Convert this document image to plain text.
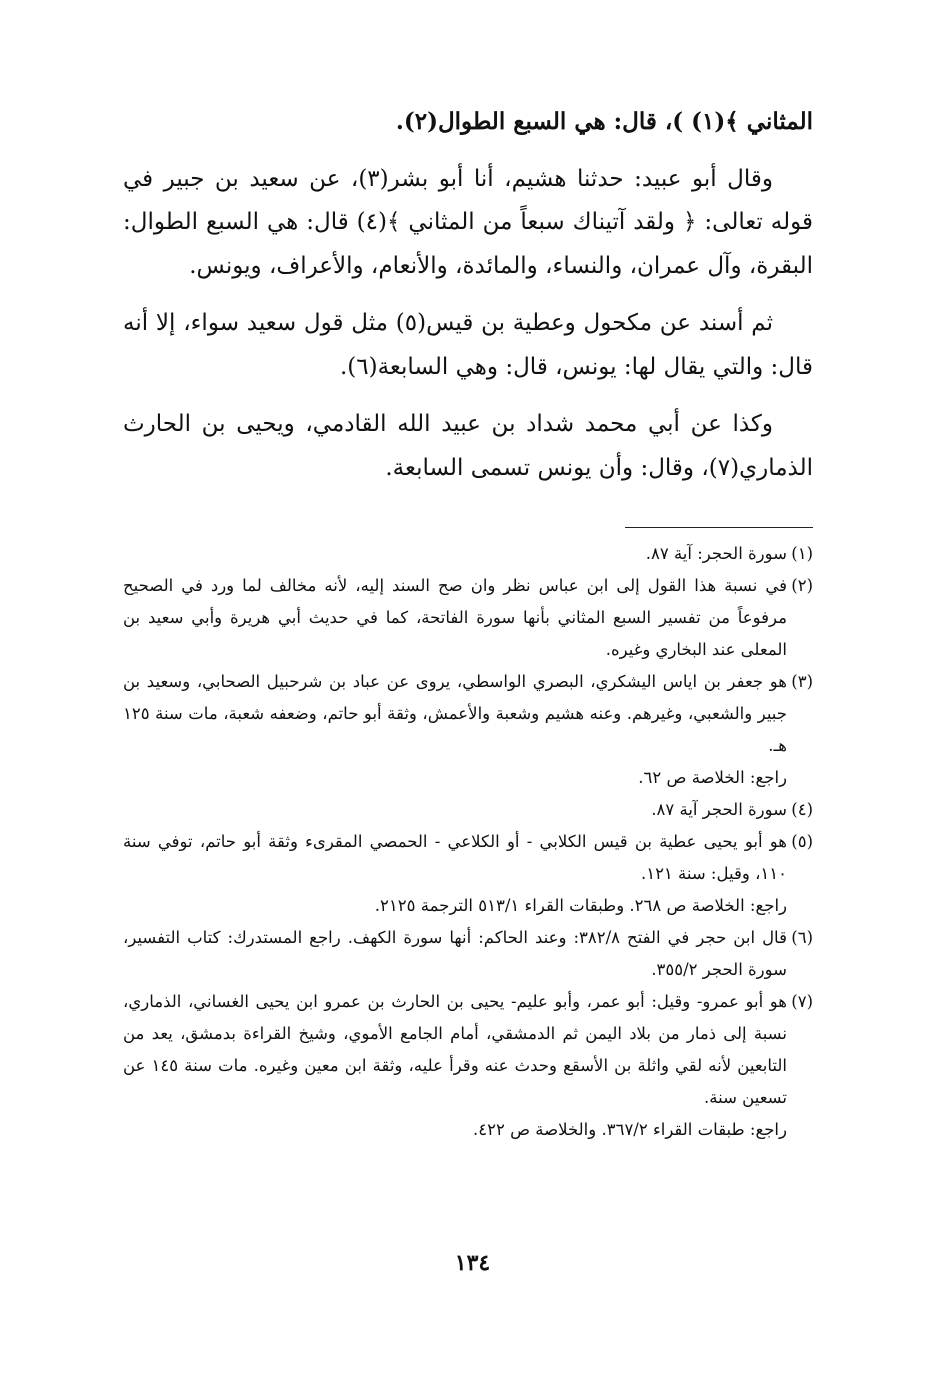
المثاني ﴾(١) )، قال: هي السبع الطوال(٢).

وقال أبو عبيد: حدثنا هشيم، أنا أبو بشر(٣)، عن سعيد بن جبير في قوله تعالى: ﴿ ولقد آتيناك سبعاً من المثاني ﴾(٤) قال: هي السبع الطوال: البقرة، وآل عمران، والنساء، والمائدة، والأنعام، والأعراف، ويونس.

ثم أسند عن مكحول وعطية بن قيس(٥) مثل قول سعيد سواء، إلا أنه قال: والتي يقال لها: يونس، قال: وهي السابعة(٦).

وكذا عن أبي محمد شداد بن عبيد الله القادمي، ويحيى بن الحارث الذماري(٧)، وقال: وأن يونس تسمى السابعة.

(١)
سورة الحجر: آية ٨٧.
(٢)
في نسبة هذا القول إلى ابن عباس نظر وان صح السند إليه، لأنه مخالف لما ورد في الصحيح مرفوعاً من تفسير السبع المثاني بأنها سورة الفاتحة، كما في حديث أبي هريرة وأبي سعيد بن المعلى عند البخاري وغيره.
(٣)
هو جعفر بن اياس اليشكري، البصري الواسطي، يروى عن عباد بن شرحبيل الصحابي، وسعيد بن جبير والشعبي، وغيرهم. وعنه هشيم وشعبة والأعمش، وثقة أبو حاتم، وضعفه شعبة، مات سنة ١٢٥ هـ.
راجع: الخلاصة ص ٦٢.
(٤)
سورة الحجر آية ٨٧.
(٥)
هو أبو يحيى عطية بن قيس الكلابي - أو الكلاعي - الحمصي المقرىء وثقة أبو حاتم، توفي سنة ١١٠، وقيل: سنة ١٢١.
راجع: الخلاصة ص ٢٦٨. وطبقات القراء ٥١٣/١ الترجمة ٢١٢٥.
(٦)
قال ابن حجر في الفتح ٣٨٢/٨: وعند الحاكم: أنها سورة الكهف. راجع المستدرك: كتاب التفسير، سورة الحجر ٣٥٥/٢.
(٧)
هو أبو عمرو- وقيل: أبو عمر، وأبو عليم- يحيى بن الحارث بن عمرو ابن يحيى الغساني، الذماري، نسبة إلى ذمار من بلاد اليمن ثم الدمشقي، أمام الجامع الأموي، وشيخ القراءة بدمشق، يعد من التابعين لأنه لقي واثلة بن الأسقع وحدث عنه وقرأ عليه، وثقة ابن معين وغيره. مات سنة ١٤٥ عن تسعين سنة.
راجع: طبقات القراء ٣٦٧/٢. والخلاصة ص ٤٢٢.
١٣٤
